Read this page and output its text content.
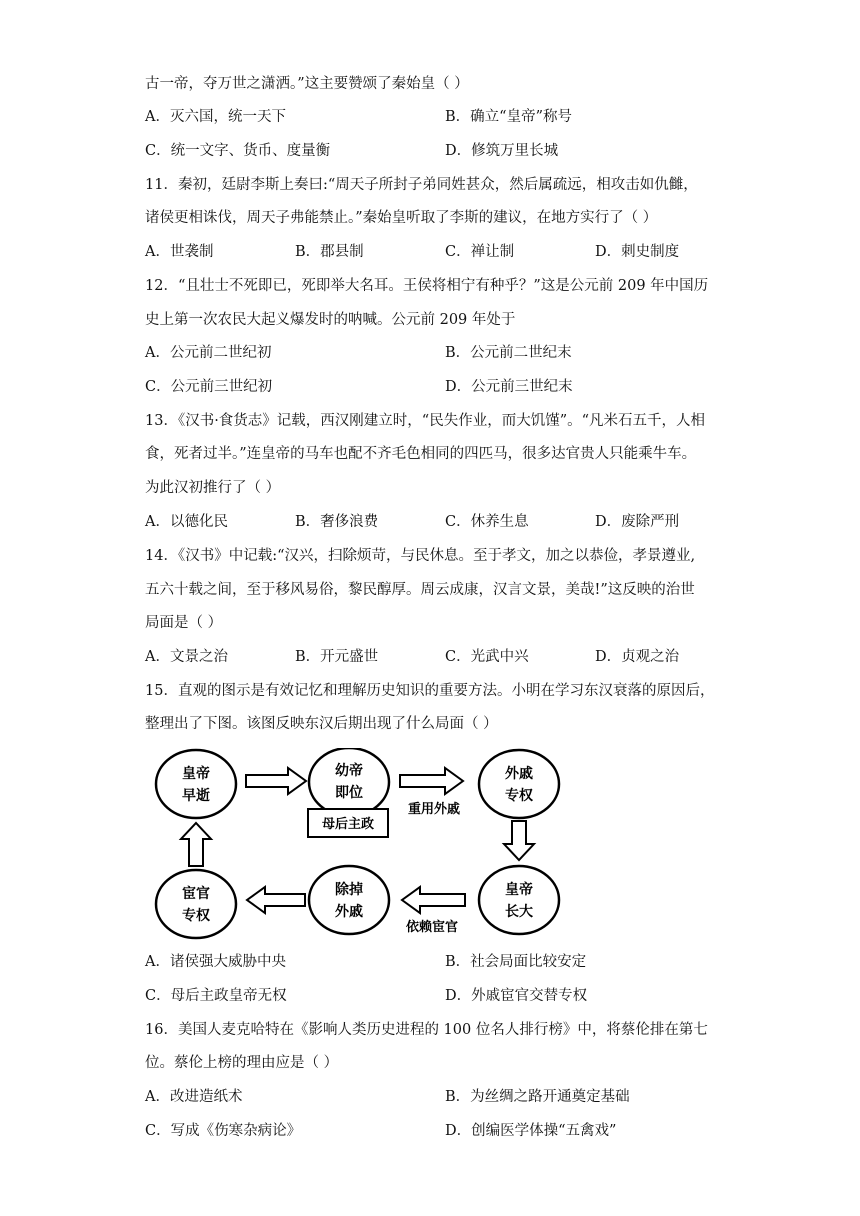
古一帝，夺万世之潇洒。”这主要赞颂了秦始皇（ ）
A．灭六国，统一天下	B．确立“皇帝”称号
C．统一文字、货币、度量衡	D．修筑万里长城
11．秦初，廷尉李斯上奏曰:“周天子所封子弟同姓甚众，然后属疏远，相攻击如仇雠，
诸侯更相诛伐，周天子弗能禁止。”秦始皇听取了李斯的建议，在地方实行了（ ）
A．世袭制	B．郡县制	C．禅让制	D．刺史制度
12．“且壮士不死即已，死即举大名耳。王侯将相宁有种乎？”这是公元前 209 年中国历
史上第一次农民大起义爆发时的呐喊。公元前 209 年处于
A．公元前二世纪初	B．公元前二世纪末
C．公元前三世纪初	D．公元前三世纪末
13．《汉书·食货志》记载，西汉刚建立时，“民失作业，而大饥馑”。“凡米石五千，人相
食，死者过半。”连皇帝的马车也配不齐毛色相同的四匹马，很多达官贵人只能乘牛车。
为此汉初推行了（ ）
A．以德化民	B．奢侈浪费	C．休养生息	D．废除严刑
14．《汉书》中记载:“汉兴，扫除烦苛，与民休息。至于孝文，加之以恭俭，孝景遵业,
五六十载之间，至于移风易俗，黎民醇厚。周云成康，汉言文景，美哉!”这反映的治世
局面是（ ）
A．文景之治	B．开元盛世	C．光武中兴	D．贞观之治
15．直观的图示是有效记忆和理解历史知识的重要方法。小明在学习东汉衰落的原因后，
整理出了下图。该图反映东汉后期出现了什么局面（ ）
皇帝
早逝
幼帝
即位
母后主政
外戚
专权
宦官
专权
除掉
外戚
皇帝
长大
重用外戚
依赖宦官
A．诸侯强大威胁中央	B．社会局面比较安定
C．母后主政皇帝无权	D．外戚宦官交替专权
16．美国人麦克哈特在《影响人类历史进程的 100 位名人排行榜》中，将蔡伦排在第七
位。蔡伦上榜的理由应是（ ）
A．改进造纸术	B．为丝绸之路开通奠定基础
C．写成《伤寒杂病论》	D．创编医学体操“五禽戏”
